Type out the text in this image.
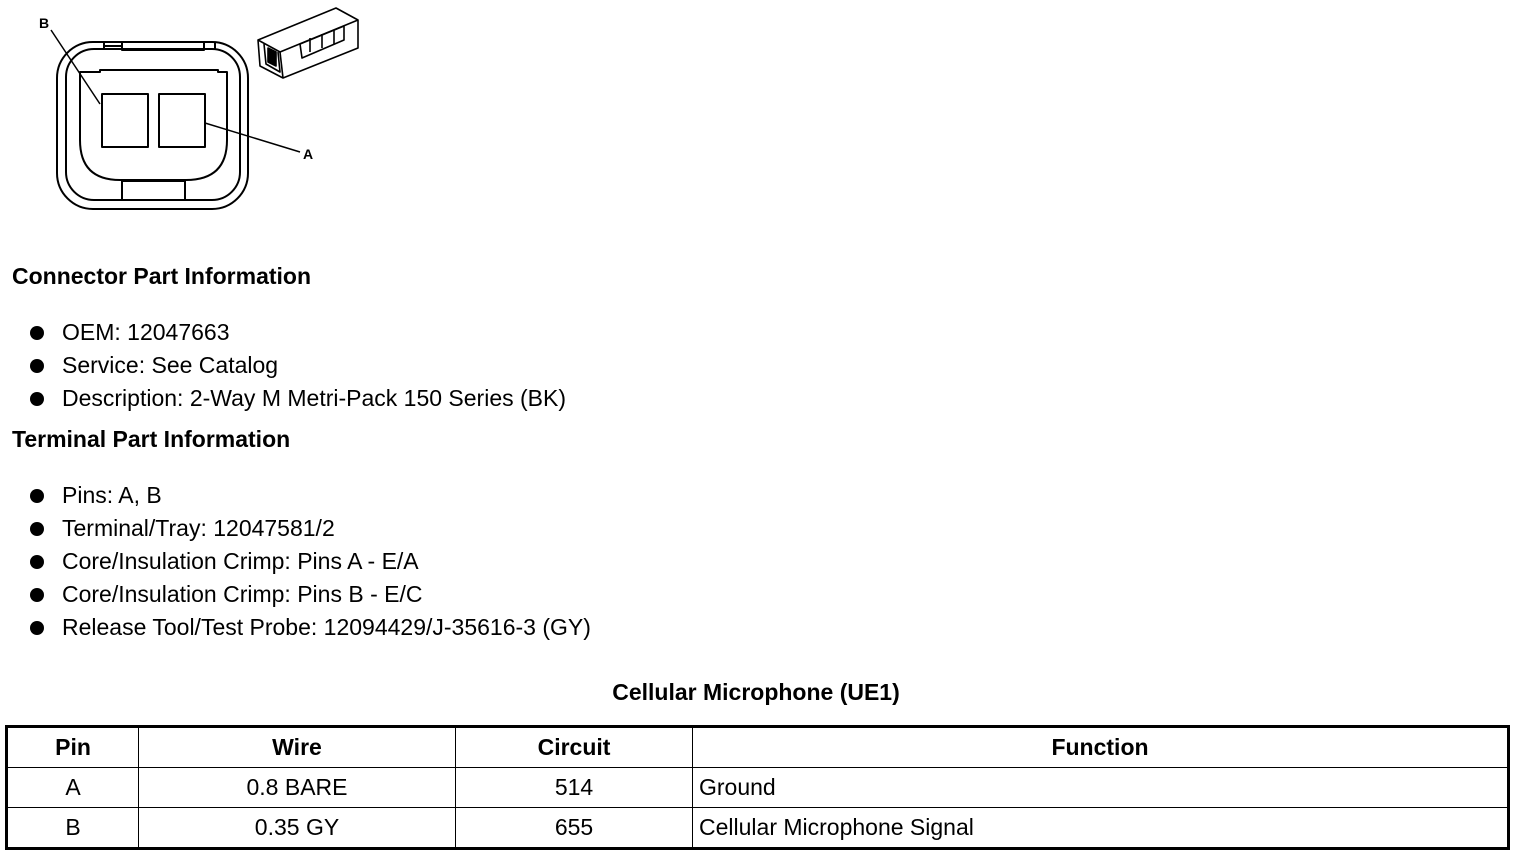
B
A
Connector Part Information
OEM: 12047663
Service: See Catalog
Description: 2-Way M Metri-Pack 150 Series (BK)
Terminal Part Information
Pins: A, B
Terminal/Tray: 12047581/2
Core/Insulation Crimp: Pins A - E/A
Core/Insulation Crimp: Pins B - E/C
Release Tool/Test Probe: 12094429/J-35616-3 (GY)
Cellular Microphone (UE1)
Pin	Wire	Circuit	Function
A	0.8 BARE	514	Ground
B	0.35 GY	655	Cellular Microphone Signal
